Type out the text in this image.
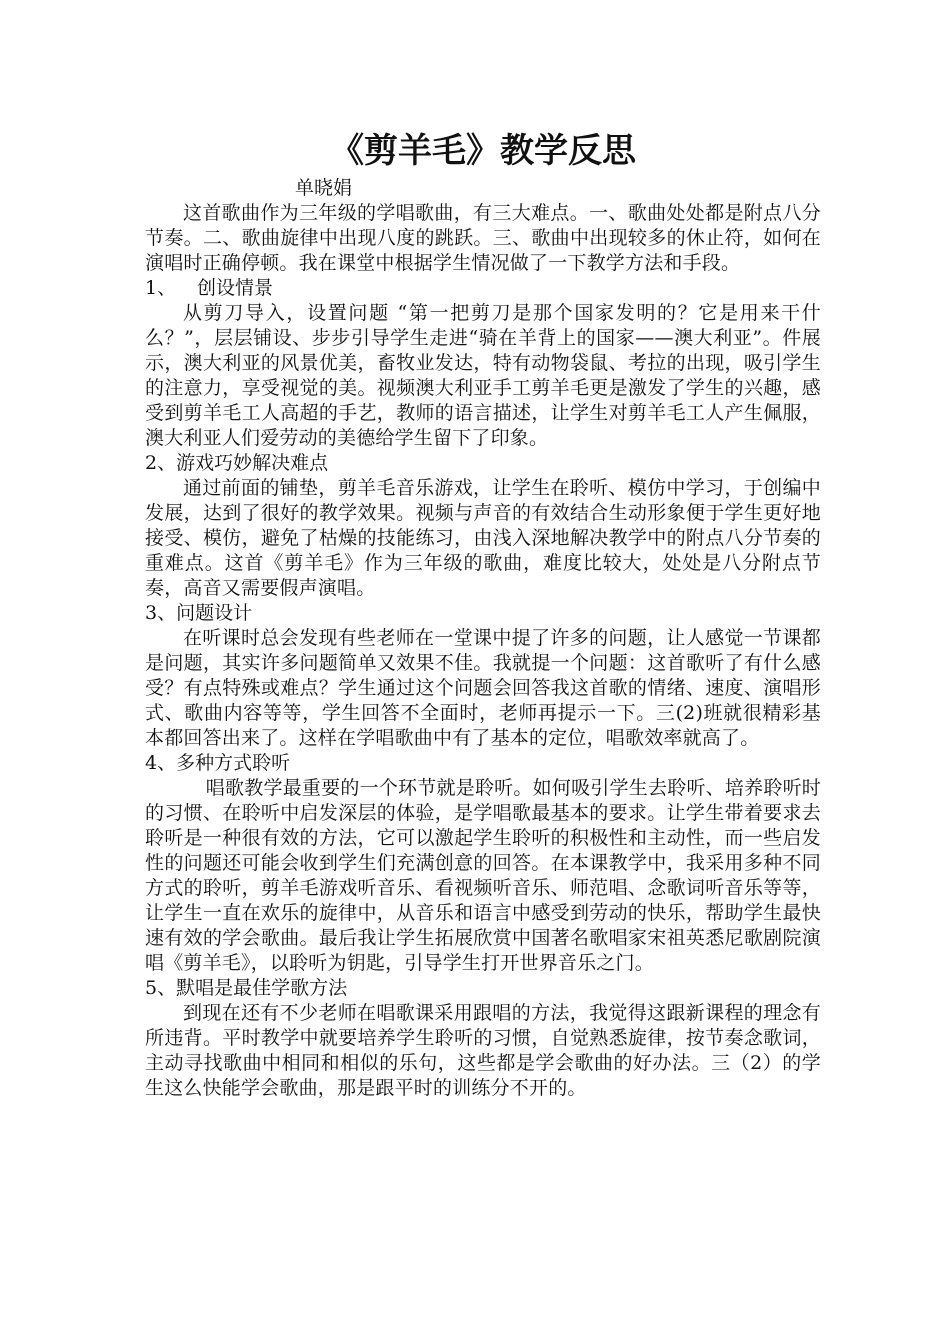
《剪羊毛》教学反思

单晓娟

这首歌曲作为三年级的学唱歌曲，有三大难点。一、歌曲处处都是附点八分节奏。二、歌曲旋律中出现八度的跳跃。三、歌曲中出现较多的休止符，如何在演唱时正确停顿。我在课堂中根据学生情况做了一下教学方法和手段。

1、 创设情景

从剪刀导入，设置问题 “第一把剪刀是那个国家发明的？它是用来干什么？”，层层铺设、步步引导学生走进“骑在羊背上的国家——澳大利亚”。件展示，澳大利亚的风景优美，畜牧业发达，特有动物袋鼠、考拉的出现，吸引学生的注意力，享受视觉的美。视频澳大利亚手工剪羊毛更是激发了学生的兴趣，感受到剪羊毛工人高超的手艺，教师的语言描述，让学生对剪羊毛工人产生佩服，澳大利亚人们爱劳动的美德给学生留下了印象。

2、游戏巧妙解决难点

通过前面的铺垫，剪羊毛音乐游戏，让学生在聆听、模仿中学习，于创编中发展，达到了很好的教学效果。视频与声音的有效结合生动形象便于学生更好地接受、模仿，避免了枯燥的技能练习，由浅入深地解决教学中的附点八分节奏的重难点。这首《剪羊毛》作为三年级的歌曲，难度比较大，处处是八分附点节奏，高音又需要假声演唱。

3、问题设计

在听课时总会发现有些老师在一堂课中提了许多的问题，让人感觉一节课都是问题，其实许多问题简单又效果不佳。我就提一个问题：这首歌听了有什么感受？有点特殊或难点？学生通过这个问题会回答我这首歌的情绪、速度、演唱形式、歌曲内容等等，学生回答不全面时，老师再提示一下。三(2)班就很精彩基本都回答出来了。这样在学唱歌曲中有了基本的定位，唱歌效率就高了。

4、多种方式聆听

唱歌教学最重要的一个环节就是聆听。如何吸引学生去聆听、培养聆听时的习惯、在聆听中启发深层的体验，是学唱歌最基本的要求。让学生带着要求去聆听是一种很有效的方法，它可以激起学生聆听的积极性和主动性，而一些启发性的问题还可能会收到学生们充满创意的回答。在本课教学中，我采用多种不同方式的聆听，剪羊毛游戏听音乐、看视频听音乐、师范唱、念歌词听音乐等等，让学生一直在欢乐的旋律中，从音乐和语言中感受到劳动的快乐，帮助学生最快速有效的学会歌曲。最后我让学生拓展欣赏中国著名歌唱家宋祖英悉尼歌剧院演唱《剪羊毛》，以聆听为钥匙，引导学生打开世界音乐之门。

5、默唱是最佳学歌方法

到现在还有不少老师在唱歌课采用跟唱的方法，我觉得这跟新课程的理念有所违背。平时教学中就要培养学生聆听的习惯，自觉熟悉旋律，按节奏念歌词，主动寻找歌曲中相同和相似的乐句，这些都是学会歌曲的好办法。三（2）的学生这么快能学会歌曲，那是跟平时的训练分不开的。
